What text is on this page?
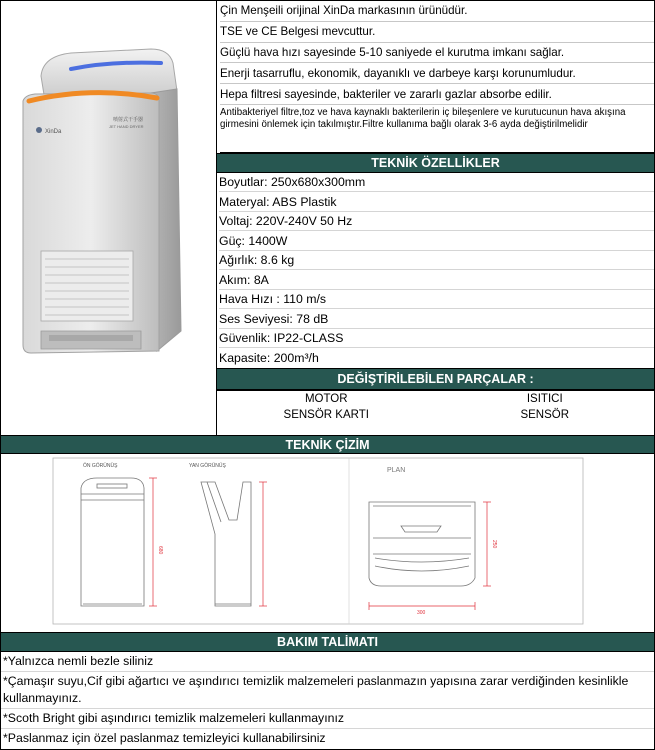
XinDa
喷射式干手器
JET HAND DRYER
Çin Menşeili orijinal XinDa markasının ürünüdür.
TSE ve CE Belgesi mevcuttur.
Güçlü hava hızı sayesinde 5-10 saniyede el kurutma imkanı sağlar.
Enerji tasarruflu, ekonomik, dayanıklı ve darbeye karşı korunumludur.
Hepa filtresi sayesinde, bakteriler ve zararlı gazlar absorbe edilir.
Antibakteriyel filtre,toz ve hava kaynaklı bakterilerin iç bileşenlere ve kurutucunun hava akışına girmesini önlemek için takılmıştır.Filtre kullanıma bağlı olarak 3-6 ayda değiştirilmelidir
TEKNİK ÖZELLİKLER
Boyutlar: 250x680x300mm
Materyal: ABS Plastik
Voltaj: 220V-240V 50 Hz
Güç: 1400W
Ağırlık: 8.6 kg
Akım: 8A
Hava Hızı : 110 m/s
Ses Seviyesi: 78 dB
Güvenlik: IP22-CLASS
Kapasite: 200m³/h
DEĞİŞTİRİLEBİLEN PARÇALAR :
MOTOR	ISITICI
SENSÖR KARTI	SENSÖR
TEKNİK ÇİZİM
ÖN GÖRÜNÜŞ	YAN GÖRÜNÜŞ
PLAN
680
250
300
BAKIM TALİMATI
*Yalnızca nemli bezle siliniz
*Çamaşır suyu,Cif gibi ağartıcı ve aşındırıcı temizlik malzemeleri paslanmazın yapısına zarar verdiğinden kesinlikle kullanmayınız.
*Scoth Bright gibi aşındırıcı temizlik malzemeleri kullanmayınız
*Paslanmaz için özel paslanmaz temizleyici kullanabilirsiniz
